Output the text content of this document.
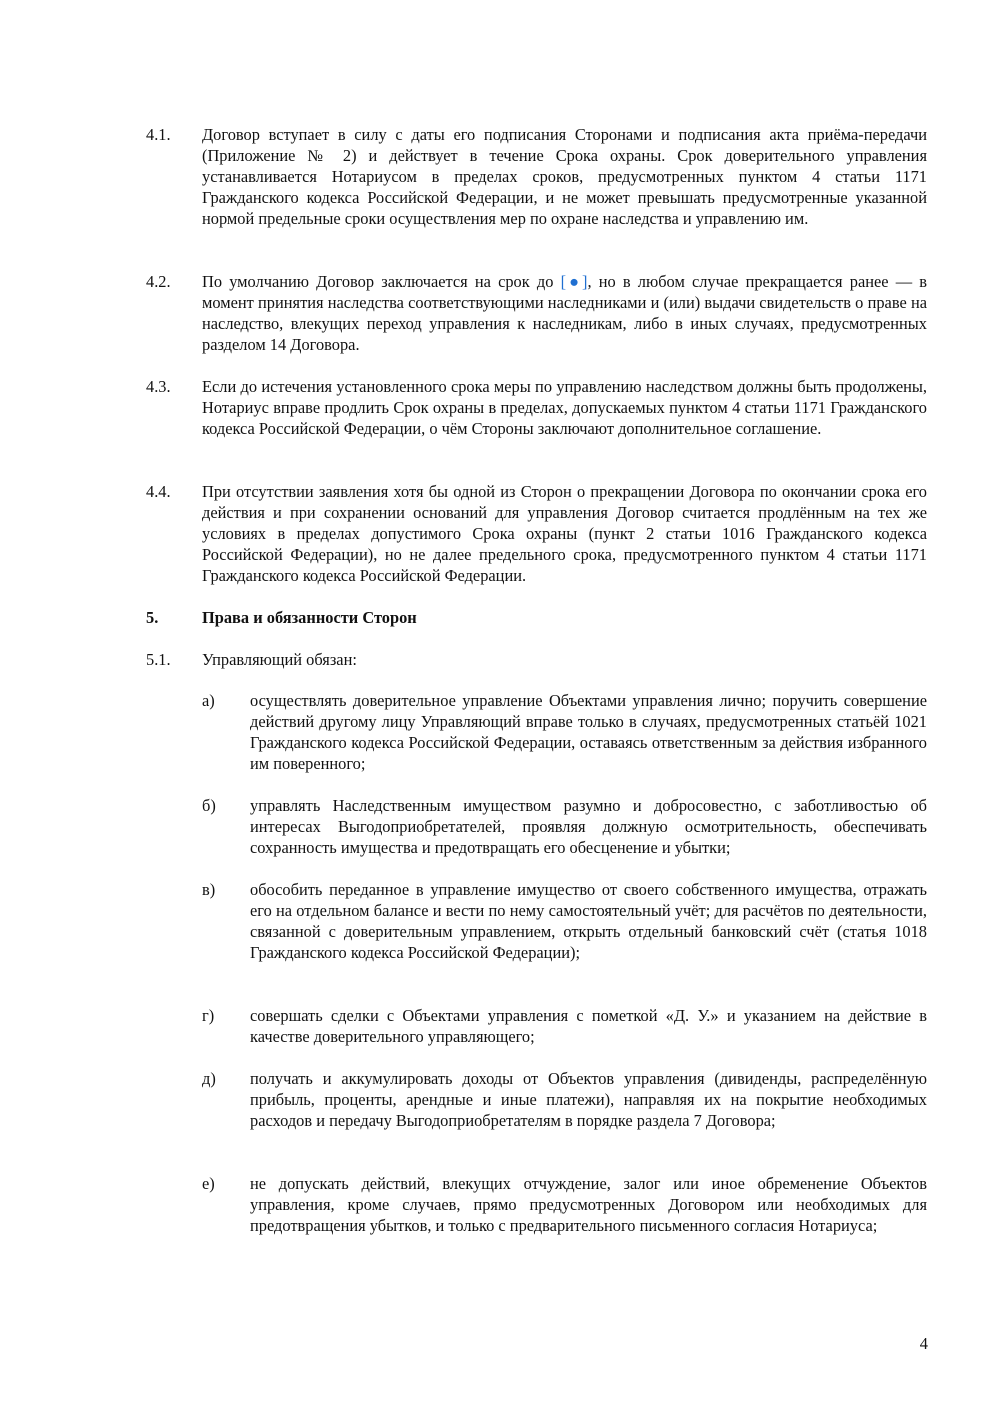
4.1.	Договор вступает в силу с даты его подписания Сторонами и подписания акта приёма-передачи (Приложение № 2) и действует в течение Срока охраны. Срок доверительного управления устанавливается Нотариусом в пределах сроков, предусмотренных пунктом 4 статьи 1171 Гражданского кодекса Российской Федерации, и не может превышать предусмотренные указанной нормой предельные сроки осуществления мер по охране наследства и управлению им.
4.2.	По умолчанию Договор заключается на срок до [●], но в любом случае прекращается ранее — в момент принятия наследства соответствующими наследниками и (или) выдачи свидетельств о праве на наследство, влекущих переход управления к наследникам, либо в иных случаях, предусмотренных разделом 14 Договора.
4.3.	Если до истечения установленного срока меры по управлению наследством должны быть продолжены, Нотариус вправе продлить Срок охраны в пределах, допускаемых пунктом 4 статьи 1171 Гражданского кодекса Российской Федерации, о чём Стороны заключают дополнительное соглашение.
4.4.	При отсутствии заявления хотя бы одной из Сторон о прекращении Договора по окончании срока его действия и при сохранении оснований для управления Договор считается продлённым на тех же условиях в пределах допустимого Срока охраны (пункт 2 статьи 1016 Гражданского кодекса Российской Федерации), но не далее предельного срока, предусмотренного пунктом 4 статьи 1171 Гражданского кодекса Российской Федерации.
5.	Права и обязанности Сторон
5.1.	Управляющий обязан:
а)	осуществлять доверительное управление Объектами управления лично; поручить совершение действий другому лицу Управляющий вправе только в случаях, предусмотренных статьёй 1021 Гражданского кодекса Российской Федерации, оставаясь ответственным за действия избранного им поверенного;
б)	управлять Наследственным имуществом разумно и добросовестно, с заботливостью об интересах Выгодоприобретателей, проявляя должную осмотрительность, обеспечивать сохранность имущества и предотвращать его обесценение и убытки;
в)	обособить переданное в управление имущество от своего собственного имущества, отражать его на отдельном балансе и вести по нему самостоятельный учёт; для расчётов по деятельности, связанной с доверительным управлением, открыть отдельный банковский счёт (статья 1018 Гражданского кодекса Российской Федерации);
г)	совершать сделки с Объектами управления с пометкой «Д. У.» и указанием на действие в качестве доверительного управляющего;
д)	получать и аккумулировать доходы от Объектов управления (дивиденды, распределённую прибыль, проценты, арендные и иные платежи), направляя их на покрытие необходимых расходов и передачу Выгодоприобретателям в порядке раздела 7 Договора;
е)	не допускать действий, влекущих отчуждение, залог или иное обременение Объектов управления, кроме случаев, прямо предусмотренных Договором или необходимых для предотвращения убытков, и только с предварительного письменного согласия Нотариуса;
4
